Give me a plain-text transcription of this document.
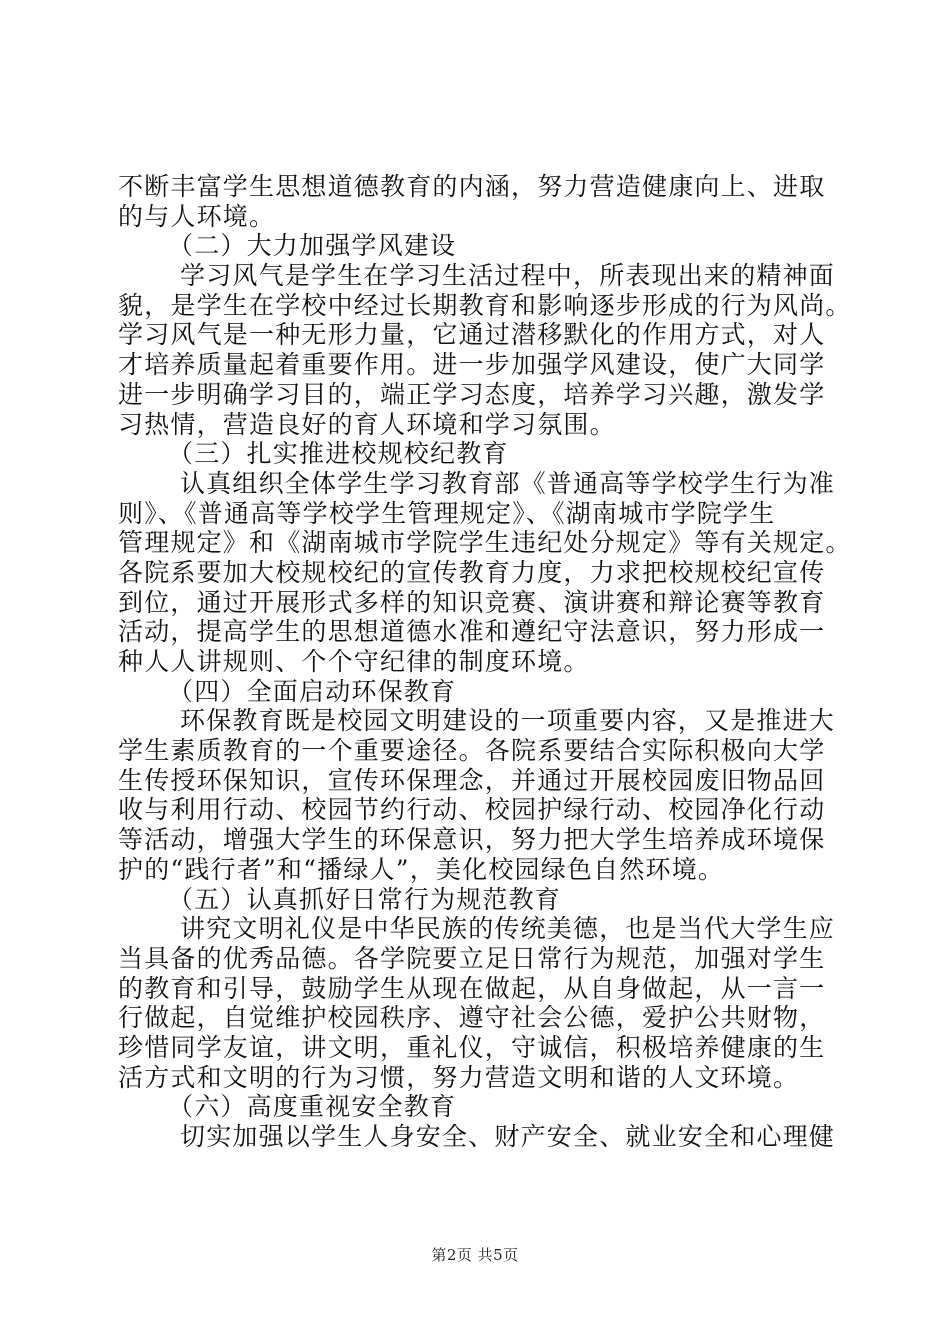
不断丰富学生思想道德教育的内涵，努力营造健康向上、进取
的与人环境。
（二）大力加强学风建设
学习风气是学生在学习生活过程中，所表现出来的精神面
貌，是学生在学校中经过长期教育和影响逐步形成的行为风尚。
学习风气是一种无形力量，它通过潜移默化的作用方式，对人
才培养质量起着重要作用。进一步加强学风建设，使广大同学
进一步明确学习目的，端正学习态度，培养学习兴趣，激发学
习热情，营造良好的育人环境和学习氛围。
（三）扎实推进校规校纪教育
认真组织全体学生学习教育部《普通高等学校学生行为准
则》、《普通高等学校学生管理规定》、《湖南城市学院学生
管理规定》和《湖南城市学院学生违纪处分规定》等有关规定。
各院系要加大校规校纪的宣传教育力度，力求把校规校纪宣传
到位，通过开展形式多样的知识竞赛、演讲赛和辩论赛等教育
活动，提高学生的思想道德水准和遵纪守法意识，努力形成一
种人人讲规则、个个守纪律的制度环境。
（四）全面启动环保教育
环保教育既是校园文明建设的一项重要内容，又是推进大
学生素质教育的一个重要途径。各院系要结合实际积极向大学
生传授环保知识，宣传环保理念，并通过开展校园废旧物品回
收与利用行动、校园节约行动、校园护绿行动、校园净化行动
等活动，增强大学生的环保意识，努力把大学生培养成环境保
护的“践行者”和“播绿人”，美化校园绿色自然环境。
（五）认真抓好日常行为规范教育
讲究文明礼仪是中华民族的传统美德，也是当代大学生应
当具备的优秀品德。各学院要立足日常行为规范，加强对学生
的教育和引导，鼓励学生从现在做起，从自身做起，从一言一
行做起，自觉维护校园秩序、遵守社会公德，爱护公共财物，
珍惜同学友谊，讲文明，重礼仪，守诚信，积极培养健康的生
活方式和文明的行为习惯，努力营造文明和谐的人文环境。
（六）高度重视安全教育
切实加强以学生人身安全、财产安全、就业安全和心理健
第2页 共5页
